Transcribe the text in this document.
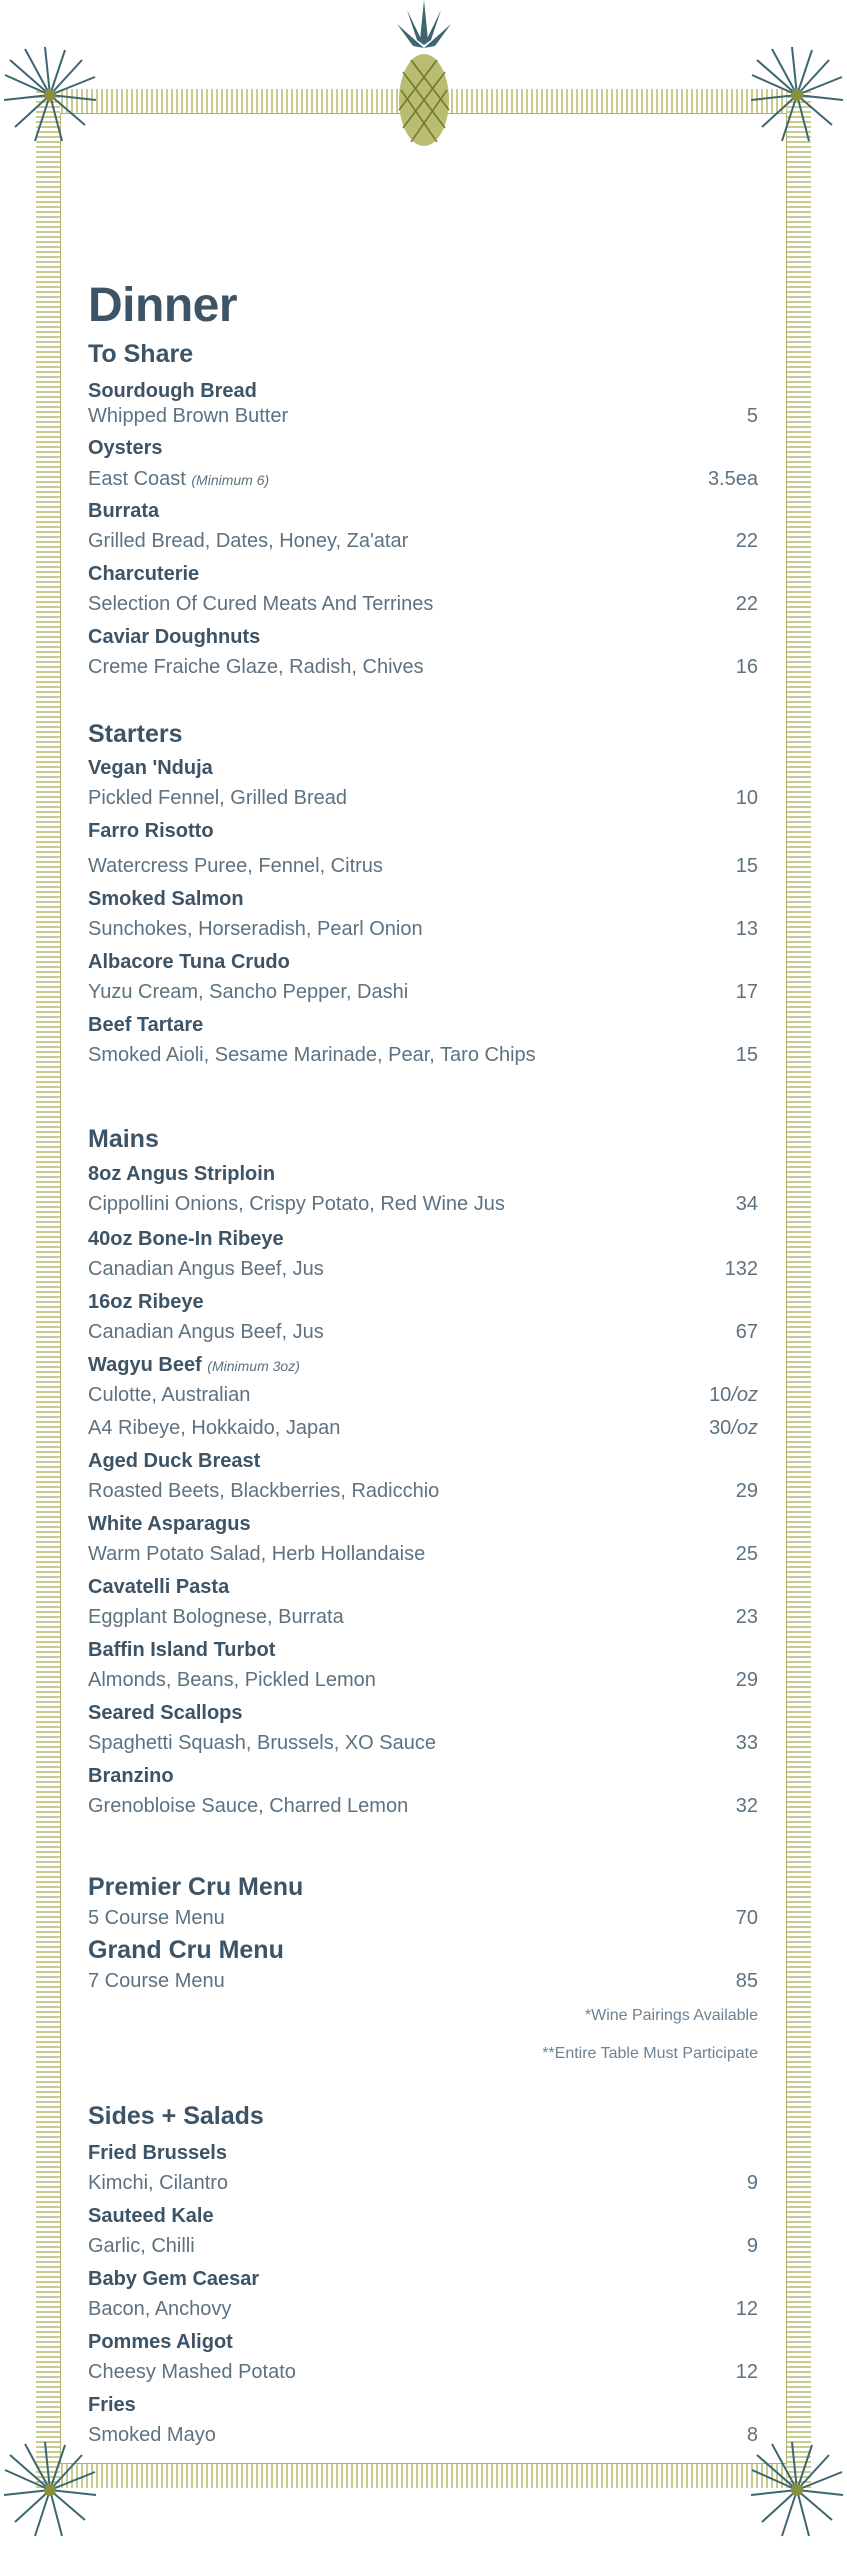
Dinner
To Share
Sourdough Bread
Whipped Brown Butter	5
Oysters
East Coast (Minimum 6)	3.5ea
Burrata
Grilled Bread, Dates, Honey, Za'atar	22
Charcuterie
Selection Of Cured Meats And Terrines	22
Caviar Doughnuts
Creme Fraiche Glaze, Radish, Chives	16
Starters
Vegan 'Nduja
Pickled Fennel, Grilled Bread	10
Farro Risotto
Watercress Puree, Fennel, Citrus	15
Smoked Salmon
Sunchokes, Horseradish, Pearl Onion	13
Albacore Tuna Crudo
Yuzu Cream, Sancho Pepper, Dashi	17
Beef Tartare
Smoked Aioli, Sesame Marinade, Pear, Taro Chips	15
Mains
8oz Angus Striploin
Cippollini Onions, Crispy Potato, Red Wine Jus	34
40oz Bone-In Ribeye
Canadian Angus Beef, Jus	132
16oz Ribeye
Canadian Angus Beef, Jus	67
Wagyu Beef (Minimum 3oz)
Culotte, Australian	10/oz
A4 Ribeye, Hokkaido, Japan	30/oz
Aged Duck Breast
Roasted Beets, Blackberries, Radicchio	29
White Asparagus
Warm Potato Salad, Herb Hollandaise	25
Cavatelli Pasta
Eggplant Bolognese, Burrata	23
Baffin Island Turbot
Almonds, Beans, Pickled Lemon	29
Seared Scallops
Spaghetti Squash, Brussels, XO Sauce	33
Branzino
Grenobloise Sauce, Charred Lemon	32
Premier Cru Menu
5 Course Menu	70
Grand Cru Menu
7 Course Menu	85
*Wine Pairings Available
**Entire Table Must Participate
Sides + Salads
Fried Brussels
Kimchi, Cilantro	9
Sauteed Kale
Garlic, Chilli	9
Baby Gem Caesar
Bacon, Anchovy	12
Pommes Aligot
Cheesy Mashed Potato	12
Fries
Smoked Mayo	8
